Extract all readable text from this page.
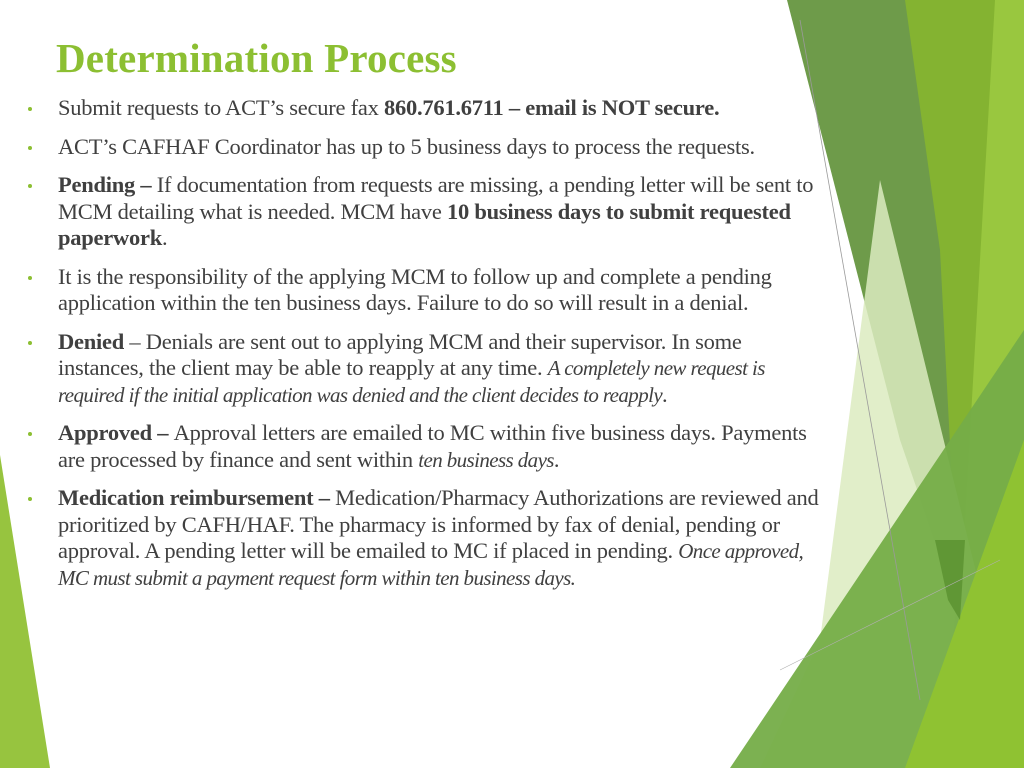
Determination Process
Submit requests to ACT’s secure fax 860.761.6711 – email is NOT secure.
ACT’s CAFHAF Coordinator has up to 5 business days to process the requests.
Pending – If documentation from requests are missing, a pending letter will be sent to MCM detailing what is needed. MCM have 10 business days to submit requested paperwork.
It is the responsibility of the applying MCM to follow up and complete a pending application within the ten business days. Failure to do so will result in a denial.
Denied – Denials are sent out to applying MCM and their supervisor. In some instances, the client may be able to reapply at any time. A completely new request is required if the initial application was denied and the client decides to reapply.
Approved – Approval letters are emailed to MC within five business days. Payments are processed by finance and sent within ten business days.
Medication reimbursement – Medication/Pharmacy Authorizations are reviewed and prioritized by CAFH/HAF. The pharmacy is informed by fax of denial, pending or approval. A pending letter will be emailed to MC if placed in pending. Once approved, MC must submit a payment request form within ten business days.
